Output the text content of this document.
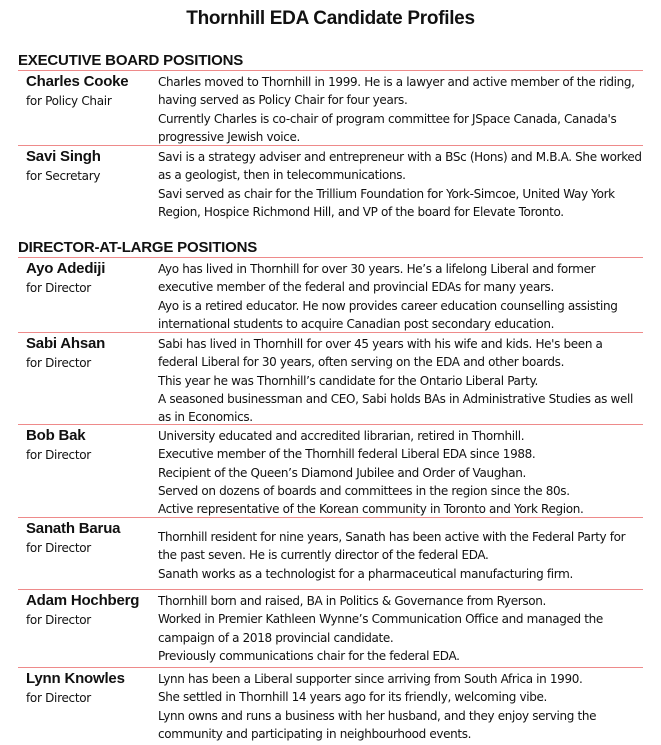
Thornhill EDA Candidate Profiles
EXECUTIVE BOARD POSITIONS
Charles Cooke
for Policy Chair

Charles moved to Thornhill in 1999. He is a lawyer and active member of the riding, having served as Policy Chair for four years.

Currently Charles is co-chair of program committee for JSpace Canada, Canada's progressive Jewish voice.

Savi Singh
for Secretary

Savi is a strategy adviser and entrepreneur with a BSc (Hons) and M.B.A. She worked as a geologist, then in telecommunications.

Savi served as chair for the Trillium Foundation for York-Simcoe, United Way York Region, Hospice Richmond Hill, and VP of the board for Elevate Toronto.

DIRECTOR-AT-LARGE POSITIONS
Ayo Adediji
for Director

Ayo has lived in Thornhill for over 30 years. He’s a lifelong Liberal and former executive member of the federal and provincial EDAs for many years.

Ayo is a retired educator. He now provides career education counselling assisting international students to acquire Canadian post secondary education.

Sabi Ahsan
for Director

Sabi has lived in Thornhill for over 45 years with his wife and kids. He's been a federal Liberal for 30 years, often serving on the EDA and other boards.

This year he was Thornhill’s candidate for the Ontario Liberal Party.

A seasoned businessman and CEO, Sabi holds BAs in Administrative Studies as well as in Economics.

Bob Bak
for Director

University educated and accredited librarian, retired in Thornhill.

Executive member of the Thornhill federal Liberal EDA since 1988.

Recipient of the Queen’s Diamond Jubilee and Order of Vaughan.

Served on dozens of boards and committees in the region since the 80s.

Active representative of the Korean community in Toronto and York Region.

Sanath Barua
for Director

Thornhill resident for nine years, Sanath has been active with the Federal Party for the past seven. He is currently director of the federal EDA.

Sanath works as a technologist for a pharmaceutical manufacturing firm.

Adam Hochberg
for Director

Thornhill born and raised, BA in Politics & Governance from Ryerson.

Worked in Premier Kathleen Wynne’s Communication Office and managed the campaign of a 2018 provincial candidate.

Previously communications chair for the federal EDA.

Lynn Knowles
for Director

Lynn has been a Liberal supporter since arriving from South Africa in 1990.

She settled in Thornhill 14 years ago for its friendly, welcoming vibe.

Lynn owns and runs a business with her husband, and they enjoy serving the community and participating in neighbourhood events.
